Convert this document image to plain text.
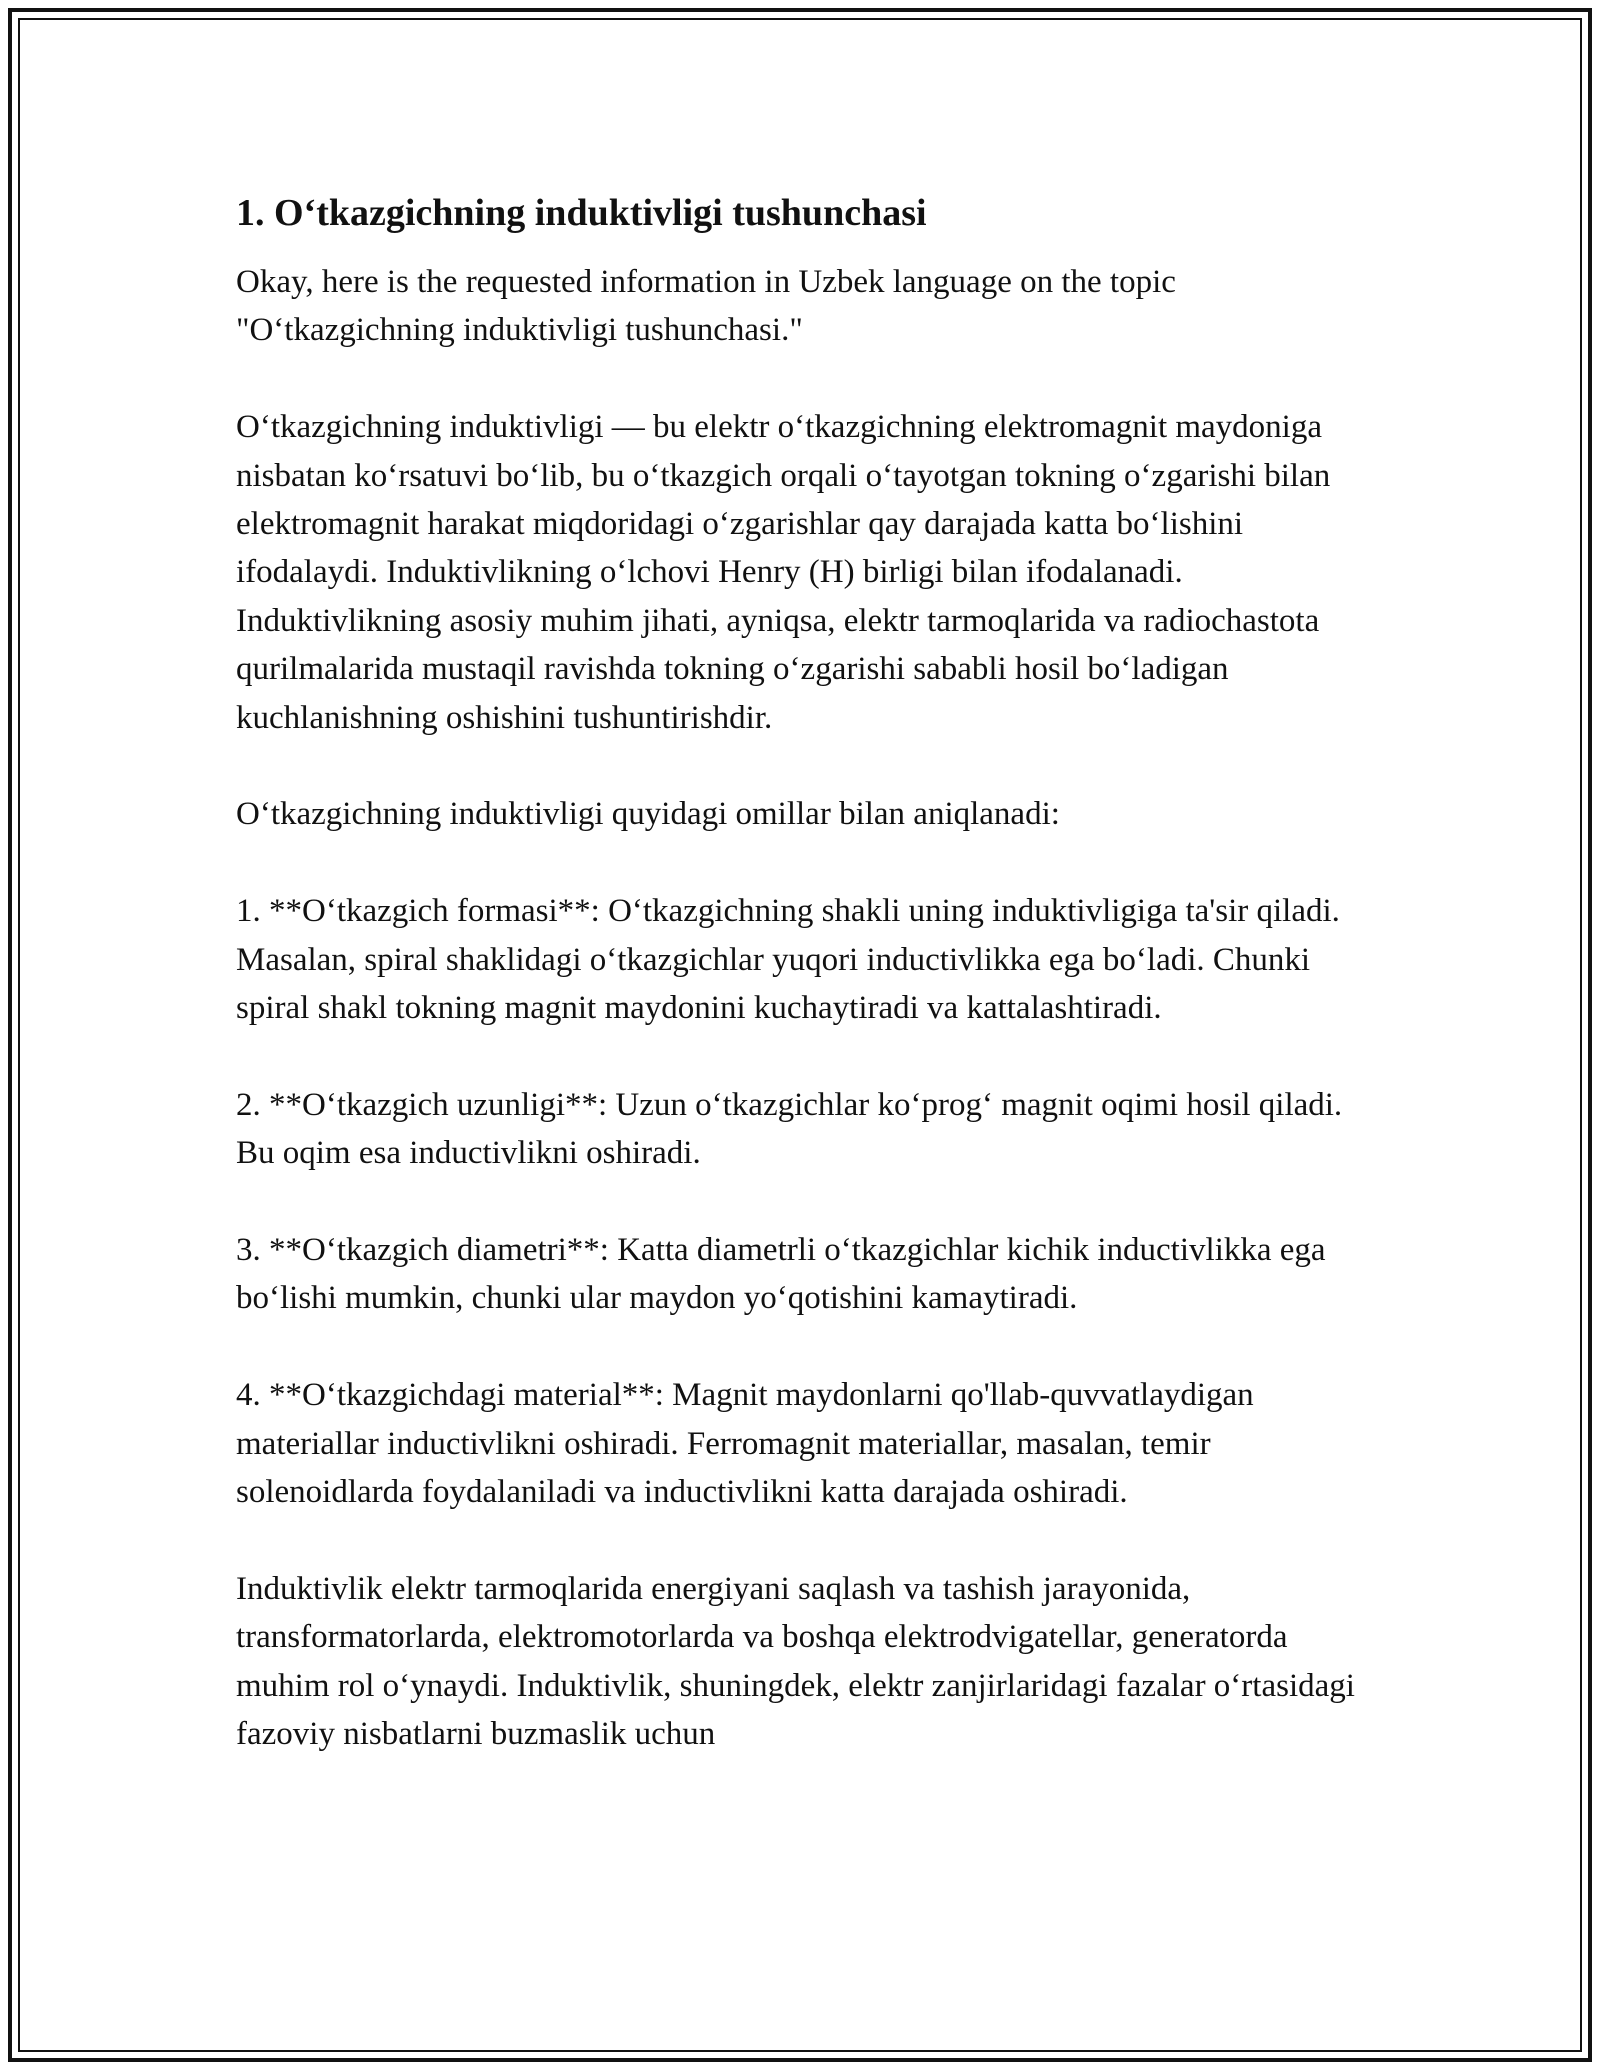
1. O‘tkazgichning induktivligi tushunchasi

Okay, here is the requested information in Uzbek language on the topic "O‘tkazgichning induktivligi tushunchasi."

O‘tkazgichning induktivligi — bu elektr o‘tkazgichning elektromagnit maydoniga nisbatan ko‘rsatuvi bo‘lib, bu o‘tkazgich orqali o‘tayotgan tokning o‘zgarishi bilan elektromagnit harakat miqdoridagi o‘zgarishlar qay darajada katta bo‘lishini ifodalaydi. Induktivlikning o‘lchovi Henry (H) birligi bilan ifodalanadi. Induktivlikning asosiy muhim jihati, ayniqsa, elektr tarmoqlarida va radiochastota qurilmalarida mustaqil ravishda tokning o‘zgarishi sababli hosil bo‘ladigan kuchlanishning oshishini tushuntirishdir.

O‘tkazgichning induktivligi quyidagi omillar bilan aniqlanadi:

1. **O‘tkazgich formasi**: O‘tkazgichning shakli uning induktivligiga ta'sir qiladi. Masalan, spiral shaklidagi o‘tkazgichlar yuqori inductivlikka ega bo‘ladi. Chunki spiral shakl tokning magnit maydonini kuchaytiradi va kattalashtiradi.

2. **O‘tkazgich uzunligi**: Uzun o‘tkazgichlar ko‘prog‘ magnit oqimi hosil qiladi. Bu oqim esa inductivlikni oshiradi.

3. **O‘tkazgich diametri**: Katta diametrli o‘tkazgichlar kichik inductivlikka ega bo‘lishi mumkin, chunki ular maydon yo‘qotishini kamaytiradi.

4. **O‘tkazgichdagi material**: Magnit maydonlarni qo'llab-quvvatlaydigan materiallar inductivlikni oshiradi. Ferromagnit materiallar, masalan, temir solenoidlarda foydalaniladi va inductivlikni katta darajada oshiradi.

Induktivlik elektr tarmoqlarida energiyani saqlash va tashish jarayonida, transformatorlarda, elektromotorlarda va boshqa elektrodvigatellar, generatorda muhim rol o‘ynaydi. Induktivlik, shuningdek, elektr zanjirlaridagi fazalar o‘rtasidagi fazoviy nisbatlarni buzmaslik uchun
